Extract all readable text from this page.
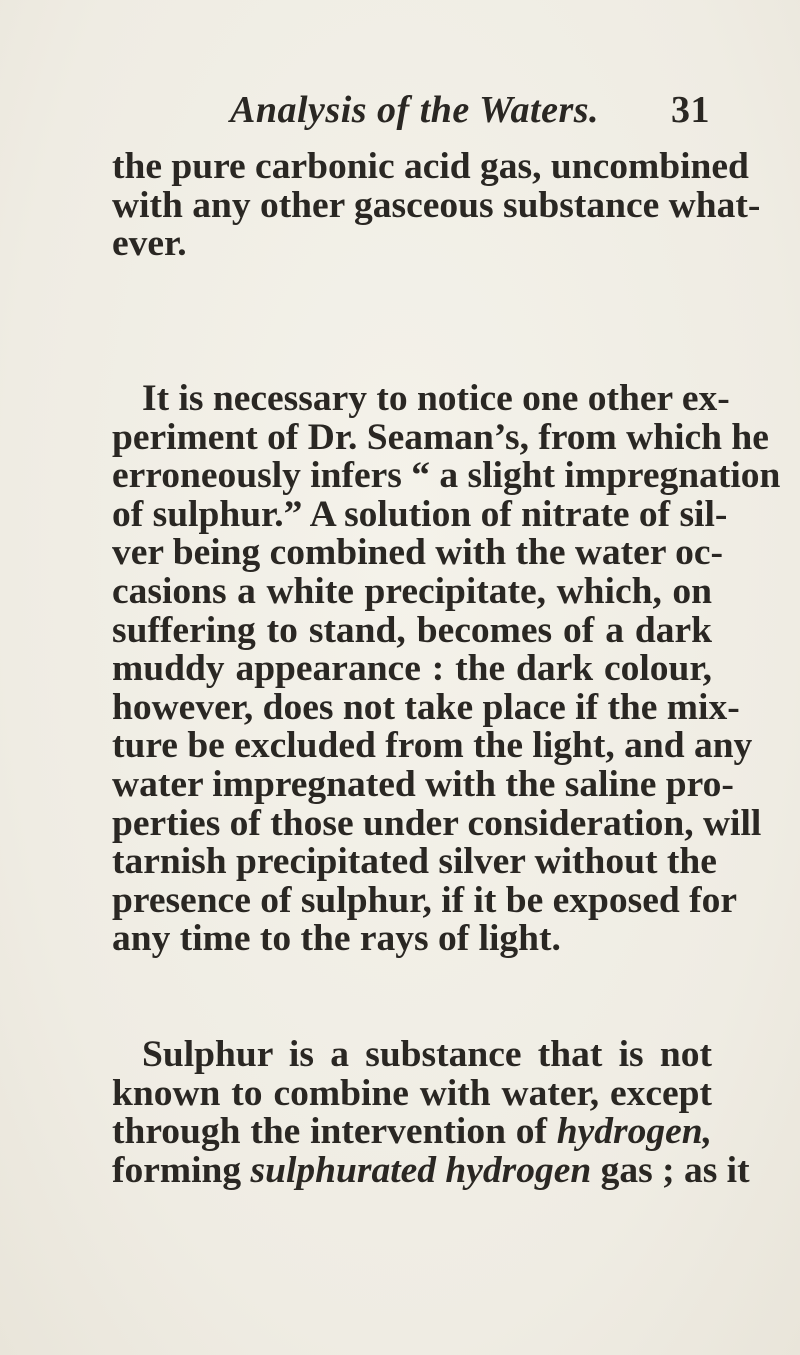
Analysis of the Waters. 31
the pure carbonic acid gas, uncombined
with any other gasceous substance what-
ever.
It is necessary to notice one other ex-
periment of Dr. Seaman’s, from which he
erroneously infers “ a slight impregnation
of sulphur.” A solution of nitrate of sil-
ver being combined with the water oc-
casions a white precipitate, which, on
suffering to stand, becomes of a dark
muddy appearance : the dark colour,
however, does not take place if the mix-
ture be excluded from the light, and any
water impregnated with the saline pro-
perties of those under consideration, will
tarnish precipitated silver without the
presence of sulphur, if it be exposed for
any time to the rays of light.
Sulphur is a substance that is not
known to combine with water, except
through the intervention of hydrogen,
forming sulphurated hydrogen gas ; as it
